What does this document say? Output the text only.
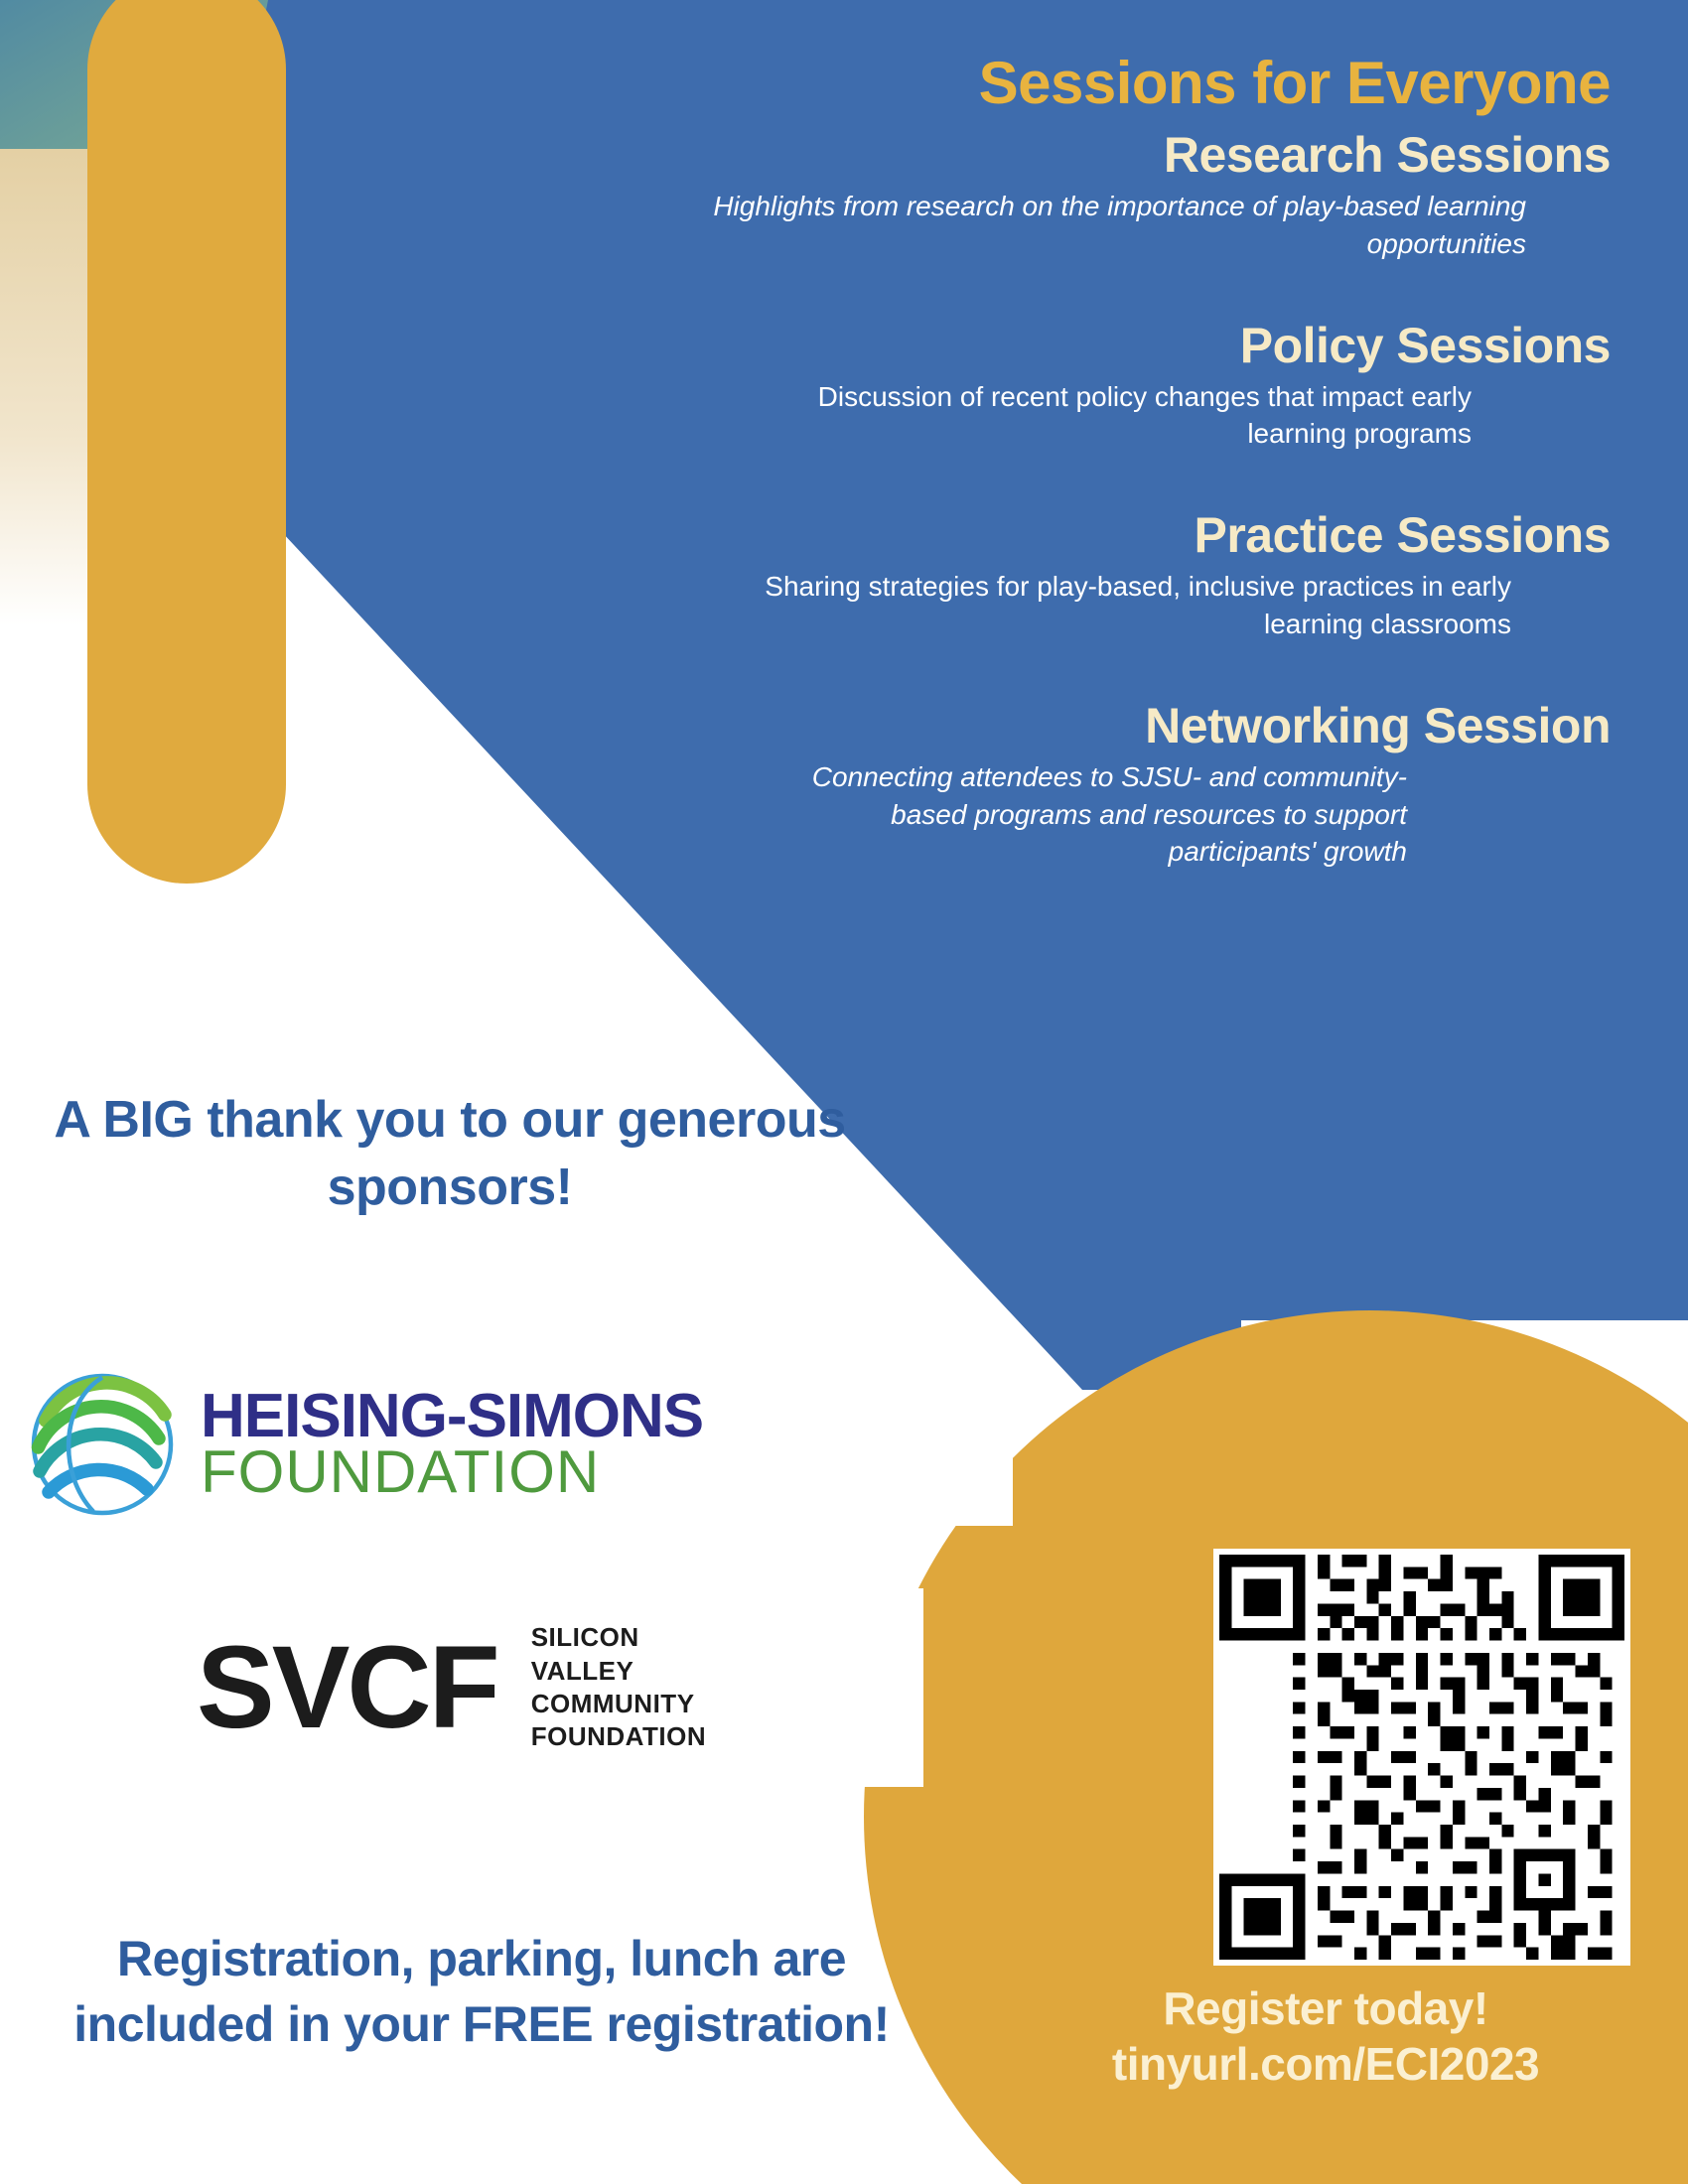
Sessions for Everyone
Research Sessions
Highlights from research on the importance of play-based learning opportunities
Policy Sessions
Discussion of recent policy changes that impact early learning programs
Practice Sessions
Sharing strategies for play-based, inclusive practices in early learning classrooms
Networking Session
Connecting attendees to SJSU- and community-based programs and resources to support participants' growth
A BIG thank you to our generous sponsors!
HEISING-SIMONS
FOUNDATION
SVCF SILICON
VALLEY
COMMUNITY
FOUNDATION
Registration, parking, lunch are included in your FREE registration!	Register today!
tinyurl.com/ECI2023
